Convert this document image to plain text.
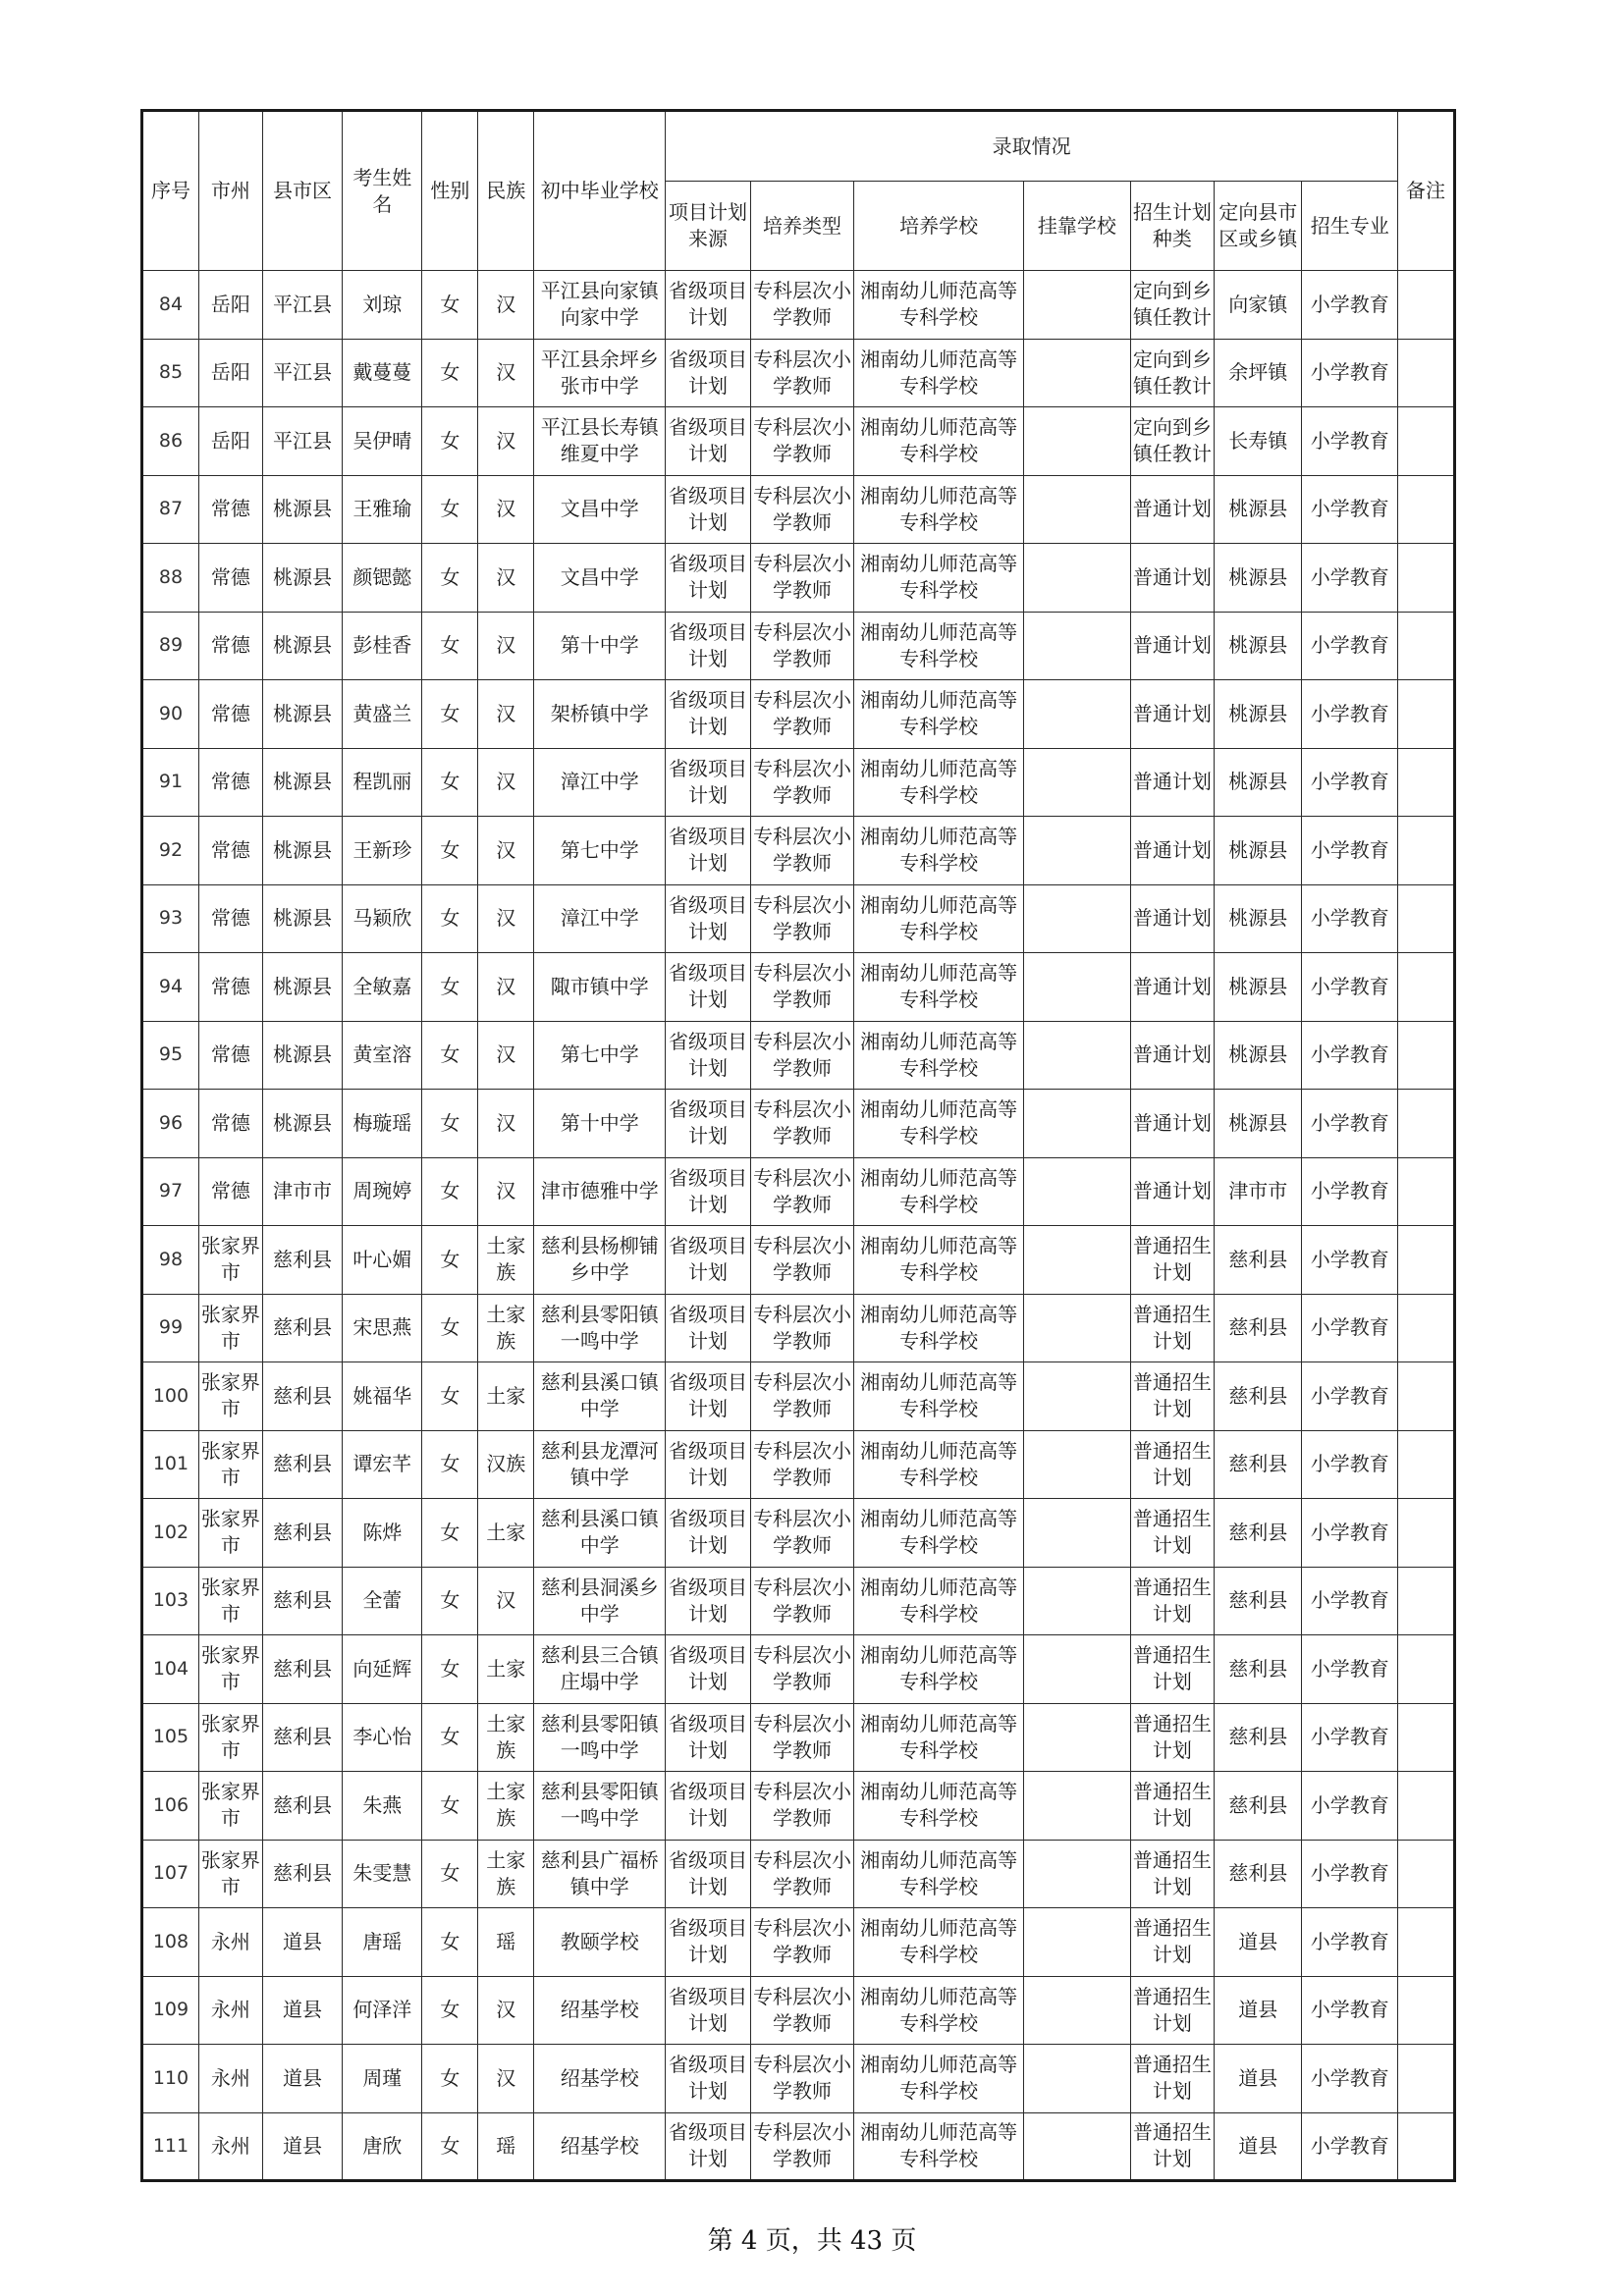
序号	市州	县市区	考生姓名	性别	民族	初中毕业学校	录取情况							备注
							项目计划来源	培养类型	培养学校	挂靠学校	招生计划种类	定向县市区或乡镇	招生专业	
84	岳阳	平江县	刘琼	女	汉	平江县向家镇向家中学	省级项目计划	专科层次小学教师	湘南幼儿师范高等专科学校		定向到乡镇任教计	向家镇	小学教育	
85	岳阳	平江县	戴蔓蔓	女	汉	平江县余坪乡张市中学	省级项目计划	专科层次小学教师	湘南幼儿师范高等专科学校		定向到乡镇任教计	余坪镇	小学教育	
86	岳阳	平江县	吴伊晴	女	汉	平江县长寿镇维夏中学	省级项目计划	专科层次小学教师	湘南幼儿师范高等专科学校		定向到乡镇任教计	长寿镇	小学教育	
87	常德	桃源县	王雅瑜	女	汉	文昌中学	省级项目计划	专科层次小学教师	湘南幼儿师范高等专科学校		普通计划	桃源县	小学教育	
88	常德	桃源县	颜锶懿	女	汉	文昌中学	省级项目计划	专科层次小学教师	湘南幼儿师范高等专科学校		普通计划	桃源县	小学教育	
89	常德	桃源县	彭桂香	女	汉	第十中学	省级项目计划	专科层次小学教师	湘南幼儿师范高等专科学校		普通计划	桃源县	小学教育	
90	常德	桃源县	黄盛兰	女	汉	架桥镇中学	省级项目计划	专科层次小学教师	湘南幼儿师范高等专科学校		普通计划	桃源县	小学教育	
91	常德	桃源县	程凯丽	女	汉	漳江中学	省级项目计划	专科层次小学教师	湘南幼儿师范高等专科学校		普通计划	桃源县	小学教育	
92	常德	桃源县	王新珍	女	汉	第七中学	省级项目计划	专科层次小学教师	湘南幼儿师范高等专科学校		普通计划	桃源县	小学教育	
93	常德	桃源县	马颖欣	女	汉	漳江中学	省级项目计划	专科层次小学教师	湘南幼儿师范高等专科学校		普通计划	桃源县	小学教育	
94	常德	桃源县	全敏嘉	女	汉	陬市镇中学	省级项目计划	专科层次小学教师	湘南幼儿师范高等专科学校		普通计划	桃源县	小学教育	
95	常德	桃源县	黄室溶	女	汉	第七中学	省级项目计划	专科层次小学教师	湘南幼儿师范高等专科学校		普通计划	桃源县	小学教育	
96	常德	桃源县	梅璇瑶	女	汉	第十中学	省级项目计划	专科层次小学教师	湘南幼儿师范高等专科学校		普通计划	桃源县	小学教育	
97	常德	津市市	周琬婷	女	汉	津市德雅中学	省级项目计划	专科层次小学教师	湘南幼儿师范高等专科学校		普通计划	津市市	小学教育	
98	张家界市	慈利县	叶心媚	女	土家族	慈利县杨柳铺乡中学	省级项目计划	专科层次小学教师	湘南幼儿师范高等专科学校		普通招生计划	慈利县	小学教育	
99	张家界市	慈利县	宋思燕	女	土家族	慈利县零阳镇一鸣中学	省级项目计划	专科层次小学教师	湘南幼儿师范高等专科学校		普通招生计划	慈利县	小学教育	
100	张家界市	慈利县	姚福华	女	土家	慈利县溪口镇中学	省级项目计划	专科层次小学教师	湘南幼儿师范高等专科学校		普通招生计划	慈利县	小学教育	
101	张家界市	慈利县	谭宏芊	女	汉族	慈利县龙潭河镇中学	省级项目计划	专科层次小学教师	湘南幼儿师范高等专科学校		普通招生计划	慈利县	小学教育	
102	张家界市	慈利县	陈烨	女	土家	慈利县溪口镇中学	省级项目计划	专科层次小学教师	湘南幼儿师范高等专科学校		普通招生计划	慈利县	小学教育	
103	张家界市	慈利县	全蕾	女	汉	慈利县洞溪乡中学	省级项目计划	专科层次小学教师	湘南幼儿师范高等专科学校		普通招生计划	慈利县	小学教育	
104	张家界市	慈利县	向延辉	女	土家	慈利县三合镇庄塌中学	省级项目计划	专科层次小学教师	湘南幼儿师范高等专科学校		普通招生计划	慈利县	小学教育	
105	张家界市	慈利县	李心怡	女	土家族	慈利县零阳镇一鸣中学	省级项目计划	专科层次小学教师	湘南幼儿师范高等专科学校		普通招生计划	慈利县	小学教育	
106	张家界市	慈利县	朱燕	女	土家族	慈利县零阳镇一鸣中学	省级项目计划	专科层次小学教师	湘南幼儿师范高等专科学校		普通招生计划	慈利县	小学教育	
107	张家界市	慈利县	朱雯慧	女	土家族	慈利县广福桥镇中学	省级项目计划	专科层次小学教师	湘南幼儿师范高等专科学校		普通招生计划	慈利县	小学教育	
108	永州	道县	唐瑶	女	瑶	教颐学校	省级项目计划	专科层次小学教师	湘南幼儿师范高等专科学校		普通招生计划	道县	小学教育	
109	永州	道县	何泽洋	女	汉	绍基学校	省级项目计划	专科层次小学教师	湘南幼儿师范高等专科学校		普通招生计划	道县	小学教育	
110	永州	道县	周瑾	女	汉	绍基学校	省级项目计划	专科层次小学教师	湘南幼儿师范高等专科学校		普通招生计划	道县	小学教育	
111	永州	道县	唐欣	女	瑶	绍基学校	省级项目计划	专科层次小学教师	湘南幼儿师范高等专科学校		普通招生计划	道县	小学教育	
第 4 页，共 43 页
